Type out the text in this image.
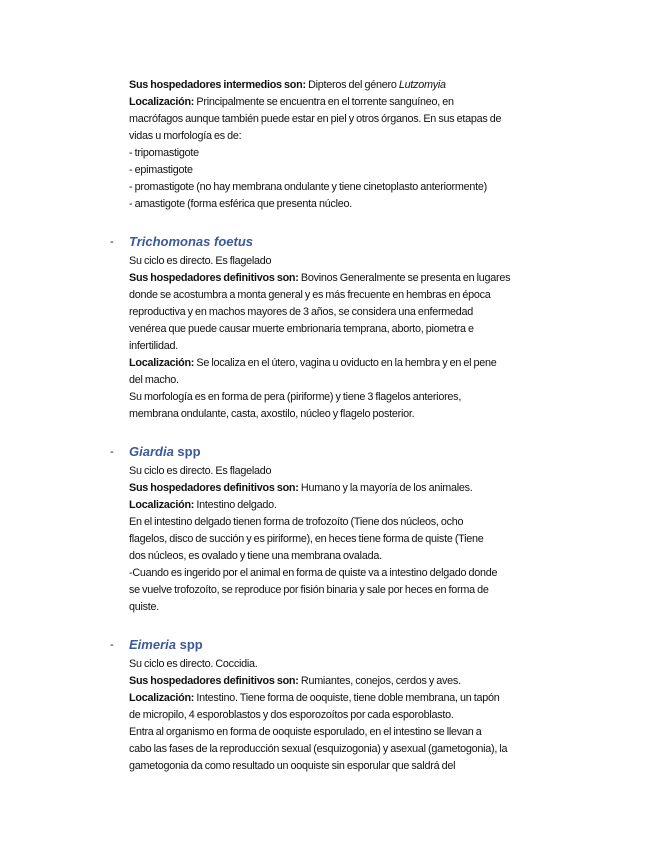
Sus hospedadores intermedios son: Dipteros del género Lutzomyia
Localización: Principalmente se encuentra en el torrente sanguíneo, en
macrófagos aunque también puede estar en piel y otros órganos. En sus etapas de
vidas u morfología es de:
- tripomastigote
- epimastigote
- promastigote (no hay membrana ondulante y tiene cinetoplasto anteriormente)
- amastigote (forma esférica que presenta núcleo.
- Trichomonas foetus
Su ciclo es directo. Es flagelado
Sus hospedadores definitivos son: Bovinos Generalmente se presenta en lugares
donde se acostumbra a monta general y es más frecuente en hembras en época
reproductiva y en machos mayores de 3 años, se considera una enfermedad
venérea que puede causar muerte embrionaria temprana, aborto, piometra e
infertilidad.
Localización: Se localiza en el útero, vagina u oviducto en la hembra y en el pene
del macho.
Su morfología es en forma de pera (piriforme) y tiene 3 flagelos anteriores,
membrana ondulante, casta, axostilo, núcleo y flagelo posterior.
- Giardia spp
Su ciclo es directo. Es flagelado
Sus hospedadores definitivos son: Humano y la mayoría de los animales.
Localización: Intestino delgado.
En el intestino delgado tienen forma de trofozoíto (Tiene dos núcleos, ocho
flagelos, disco de succión y es piriforme), en heces tiene forma de quiste (Tiene
dos núcleos, es ovalado y tiene una membrana ovalada.
-Cuando es ingerido por el animal en forma de quiste va a intestino delgado donde
se vuelve trofozoíto, se reproduce por fisión binaria y sale por heces en forma de
quiste.
- Eimeria spp
Su ciclo es directo. Coccidia.
Sus hospedadores definitivos son: Rumiantes, conejos, cerdos y aves.
Localización: Intestino. Tiene forma de ooquiste, tiene doble membrana, un tapón
de micropilo, 4 esporoblastos y dos esporozoítos por cada esporoblasto.
Entra al organismo en forma de ooquiste esporulado, en el intestino se llevan a
cabo las fases de la reproducción sexual (esquizogonia) y asexual (gametogonia), la
gametogonia da como resultado un ooquiste sin esporular que saldrá del
